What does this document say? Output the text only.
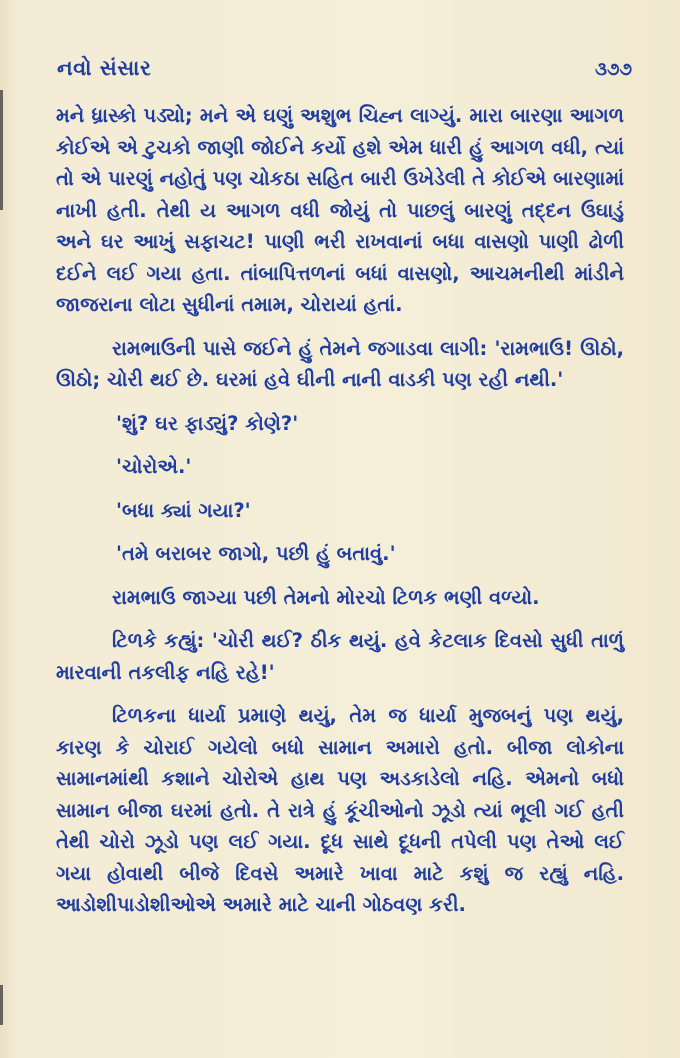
નવો સંસાર	૩૭૭

મને ધ્રાસ્કો પડ્યો; મને એ ઘણું અશુભ ચિહ્ન લાગ્યું. મારા બારણા આગળ કોઈએ એ ટુચકો જાણી જોઈને કર્યો હશે એમ ધારી હું આગળ વધી, ત્યાં તો એ પારણું નહોતું પણ ચોકઠા સહિત બારી ઉખેડેલી તે કોઈએ બારણામાં નાખી હતી. તેથી ય આગળ વધી જોયું તો પાછલું બારણું તદ્દન ઉઘાડું અને ઘર આખું સફાચટ! પાણી ભરી રાખવાનાં બધા વાસણો પાણી ઢોળી દઈને લઈ ગયા હતા. તાંબાપિત્તળનાં બધાં વાસણો, આચમનીથી માંડીને જાજરાના લોટા સુધીનાં તમામ, ચોરાયાં હતાં.

રામભાઉની પાસે જઈને હું તેમને જગાડવા લાગી: 'રામભાઉ! ઊઠો, ઊઠો; ચોરી થઈ છે. ઘરમાં હવે ઘીની નાની વાડકી પણ રહી નથી.'

'શું? ઘર ફાડ્યું? કોણે?'

'ચોરોએ.'

'બધા ક્યાં ગયા?'

'તમે બરાબર જાગો, પછી હું બતાવું.'

રામભાઉ જાગ્યા પછી તેમનો મોરચો ટિળક ભણી વળ્યો.

ટિળકે કહ્યું: 'ચોરી થઈ? ઠીક થયું. હવે કેટલાક દિવસો સુધી તાળું મારવાની તકલીફ નહિ રહે!'

ટિળકના ધાર્યા પ્રમાણે થયું, તેમ જ ધાર્યા મુજબનું પણ થયું, કારણ કે ચોરાઈ ગયેલો બધો સામાન અમારો હતો. બીજા લોકોના સામાનમાંથી કશાને ચોરોએ હાથ પણ અડકાડેલો નહિ. એમનો બધો સામાન બીજા ઘરમાં હતો. તે રાત્રે હું કૂંચીઓનો ઝૂડો ત્યાં ભૂલી ગઈ હતી તેથી ચોરો ઝૂડો પણ લઈ ગયા. દૂધ સાથે દૂધની તપેલી પણ તેઓ લઈ ગયા હોવાથી બીજે દિવસે અમારે ખાવા માટે કશું જ રહ્યું નહિ. આડોશીપાડોશીઓએ અમારે માટે ચાની ગોઠવણ કરી.
